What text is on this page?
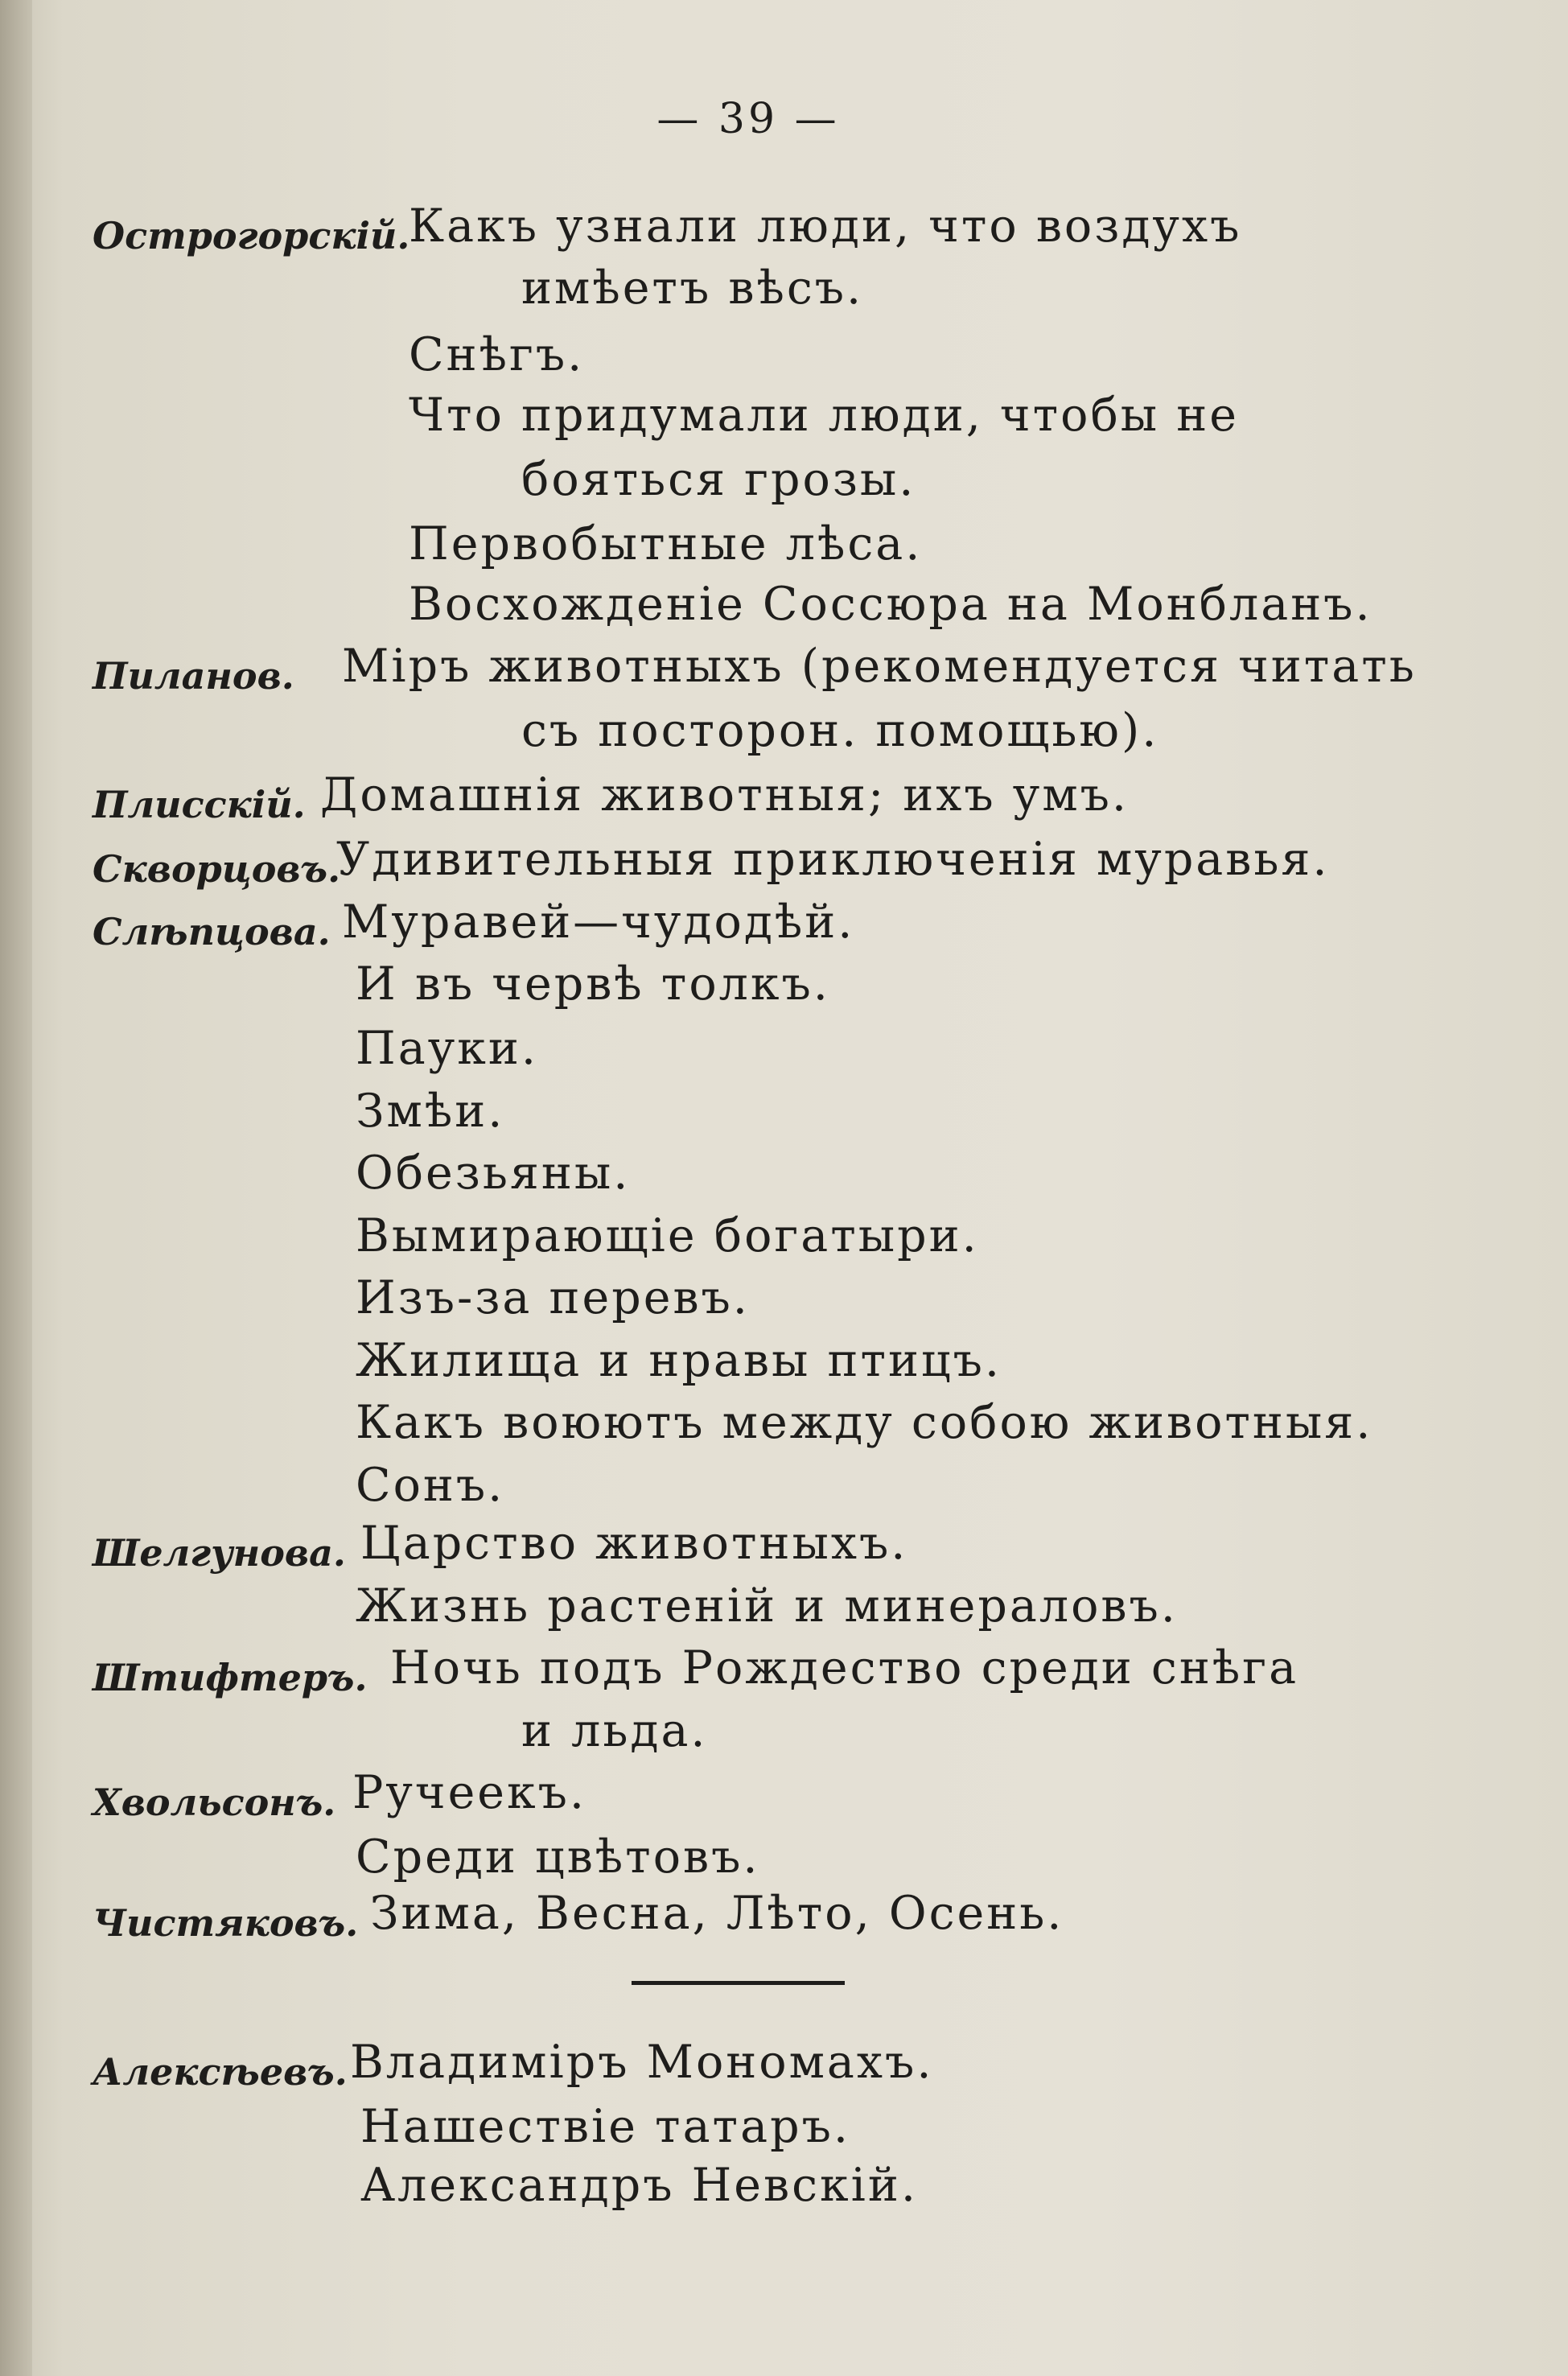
— 39 —
Острогорскій.
Какъ узнали люди, что воздухъ
имѣетъ вѣсъ.
Снѣгъ.
Что придумали люди, чтобы не
бояться грозы.
Первобытные лѣса.
Восхожденіе Соссюра на Монбланъ.
Пиланов. Міръ животныхъ (рекомендуется читать
съ посторон. помощью).
Плисскій. Домашнія животныя; ихъ умъ.
Скворцовъ.
Удивительныя приключенія муравья.
Слѣпцова. Муравей—чудодѣй.
И въ червѣ толкъ.
Пауки.
Змѣи.
Обезьяны.
Вымирающіе богатыри.
Изъ-за перевъ.
Жилища и нравы птицъ.
Какъ воюютъ между собою животныя.
Сонъ.
Шелгунова. Царство животныхъ.
Жизнь растеній и минераловъ.
Штифтеръ. Ночь подъ Рождество среди снѣга
и льда.
Хвольсонъ. Ручеекъ.
Среди цвѣтовъ.
Чистяковъ. Зима, Весна, Лѣто, Осень.
Алексѣевъ. Владиміръ Мономахъ.
Нашествіе татаръ.
Александръ Невскій.
